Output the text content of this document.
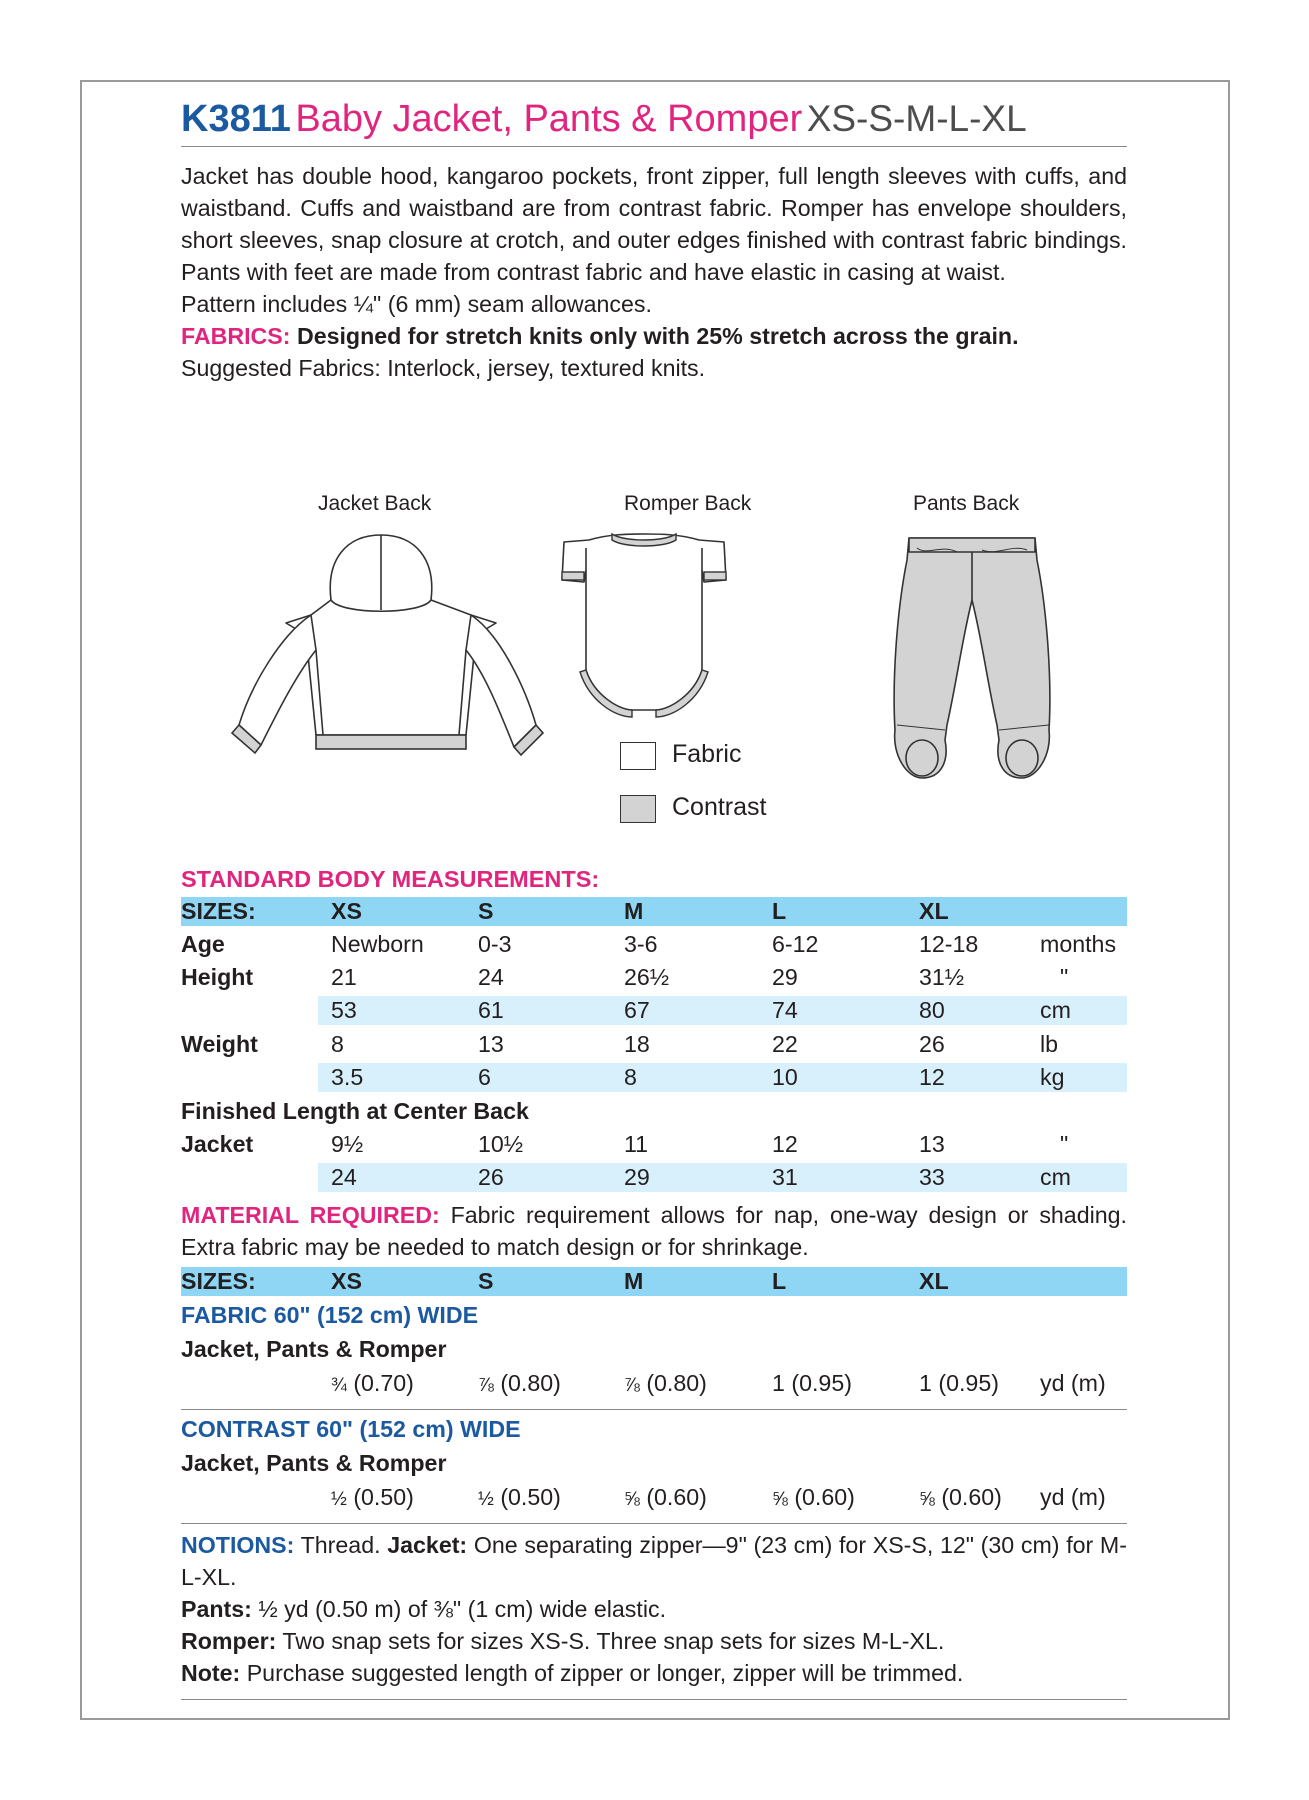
K3811 Baby Jacket, Pants & Romper XS-S-M-L-XL

Jacket has double hood, kangaroo pockets, front zipper, full length sleeves with cuffs, and waistband. Cuffs and waistband are from contrast fabric. Romper has envelope shoulders, short sleeves, snap closure at crotch, and outer edges finished with contrast fabric bindings. Pants with feet are made from contrast fabric and have elastic in casing at waist.

Pattern includes ¼" (6 mm) seam allowances.

FABRICS: Designed for stretch knits only with 25% stretch across the grain.

Suggested Fabrics: Interlock, jersey, textured knits.

Jacket Back	Romper Back	Pants Back
Fabric
Contrast
STANDARD BODY MEASUREMENTS:
SIZES:	XS	S	M	L	XL
Age	Newborn 0-3	3-6	6-12	12-18	months
Height	21	24	26½	29	31½	"
53	61	67	74	80	cm
Weight	8	13	18	22	26	lb
3.5	6	8	10	12	kg
Finished Length at Center Back
Jacket	9½	10½	11	12	13	"
24	26	29	31	33	cm

MATERIAL REQUIRED: Fabric requirement allows for nap, one-way design or shading. Extra fabric may be needed to match design or for shrinkage.

SIZES:	XS	S	M	L	XL
FABRIC 60" (152 cm) WIDE
Jacket, Pants & Romper
¾ (0.70)	⅞ (0.80)	⅞ (0.80)	1 (0.95)	1 (0.95) yd (m)
CONTRAST 60" (152 cm) WIDE
Jacket, Pants & Romper
½ (0.50)	½ (0.50)	⅝ (0.60)	⅝ (0.60)	⅝ (0.60) yd (m)

NOTIONS: Thread. Jacket: One separating zipper—9" (23 cm) for XS-S, 12" (30 cm) for M-L-XL.

Pants: ½ yd (0.50 m) of ⅜" (1 cm) wide elastic.

Romper: Two snap sets for sizes XS-S. Three snap sets for sizes M-L-XL.

Note: Purchase suggested length of zipper or longer, zipper will be trimmed.
